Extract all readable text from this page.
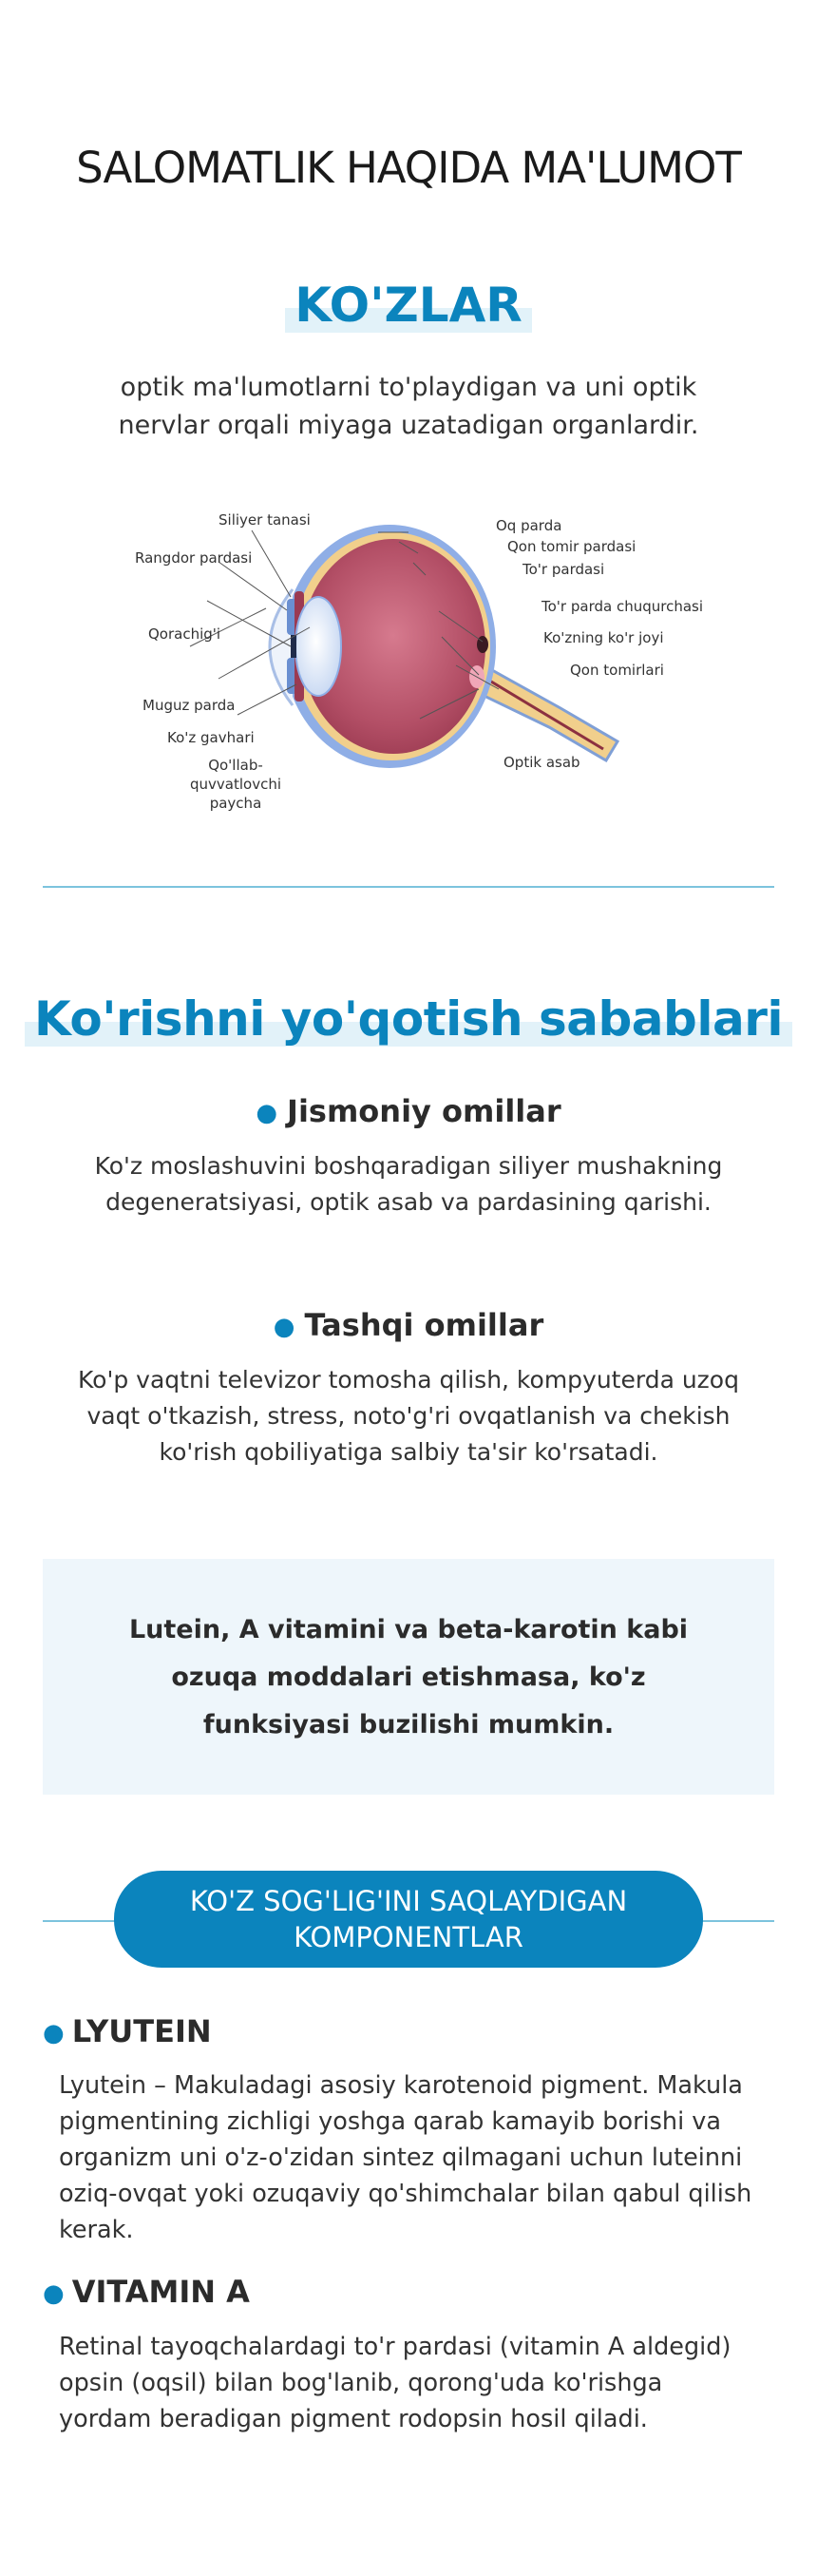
SALOMATLIK HAQIDA MA'LUMOT
KO'ZLAR
optik ma'lumotlarni to'playdigan va uni optik nervlar orqali miyaga uzatadigan organlardir.
Siliyer tanasi
Rangdor pardasi
Qorachig'i
Muguz parda
Ko'z gavhari
Qo'llab-
quvvatlovchi
paycha
Oq parda
Qon tomir pardasi
To'r pardasi
To'r parda chuqurchasi
Ko'zning ko'r joyi
Qon tomirlari
Optik asab
Ko'rishni yo'qotish sabablari
● Jismoniy omillar
Ko'z moslashuvini boshqaradigan siliyer mushakning degeneratsiyasi, optik asab va pardasining qarishi.
● Tashqi omillar
Ko'p vaqtni televizor tomosha qilish, kompyuterda uzoq vaqt o'tkazish, stress, noto'g'ri ovqatlanish va chekish ko'rish qobiliyatiga salbiy ta'sir ko'rsatadi.
Lutein, A vitamini va beta-karotin kabi ozuqa moddalari etishmasa, ko'z funksiyasi buzilishi mumkin.
KO'Z SOG'LIG'INI SAQLAYDIGAN
KOMPONENTLAR
● LYUTEIN
Lyutein – Makuladagi asosiy karotenoid pigment. Makula pigmentining zichligi yoshga qarab kamayib borishi va organizm uni o'z-o'zidan sintez qilmagani uchun luteinni oziq-ovqat yoki ozuqaviy qo'shimchalar bilan qabul qilish kerak.
● VITAMIN A
Retinal tayoqchalardagi to'r pardasi (vitamin A aldegid) opsin (oqsil) bilan bog'lanib, qorong'uda ko'rishga yordam beradigan pigment rodopsin hosil qiladi.
